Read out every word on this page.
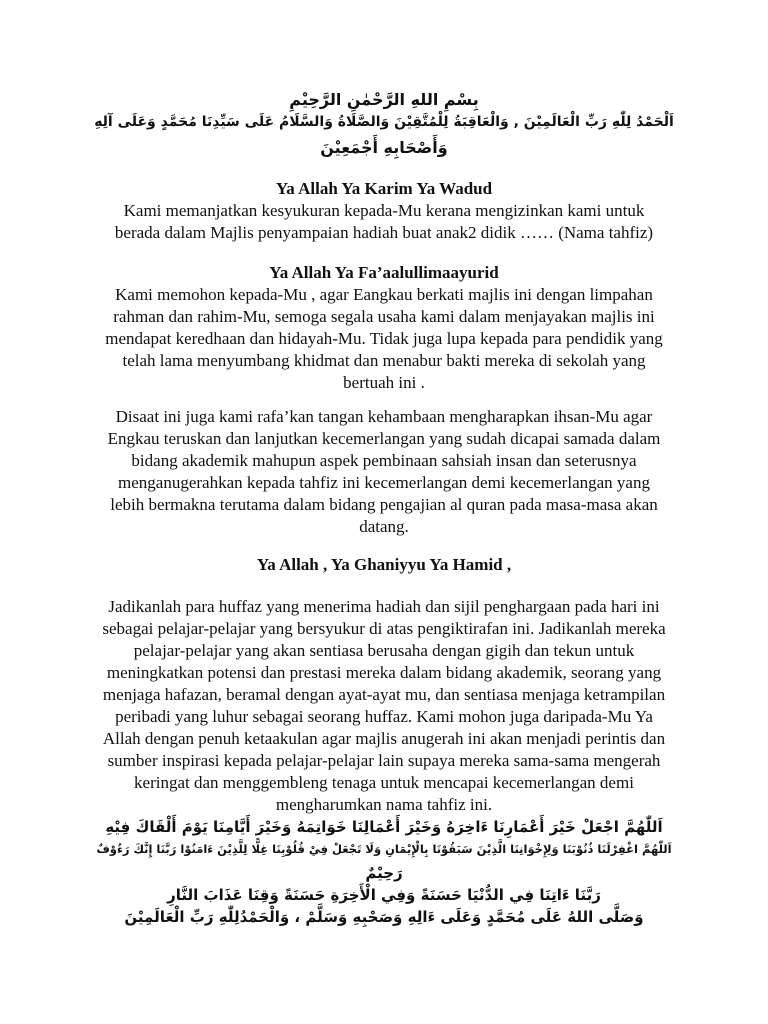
بِسْمِ اللهِ الرَّحْمٰنِ الرَّحِيْمِ
اَلْحَمْدُ لِلّٰهِ رَبِّ الْعَالَمِيْنَ , وَالْعَاقِبَةُ لِلْمُتَّقِيْنَ وَالصَّلَاةُ وَالسَّلَامُ عَلَى سَيِّدِنَا مُحَمَّدٍ وَعَلَى آلِهِ
وَأَصْحَابِهِ أَجْمَعِيْنَ
Ya Allah Ya Karim Ya Wadud
Kami memanjatkan kesyukuran kepada-Mu kerana mengizinkan kami untuk berada dalam Majlis penyampaian hadiah buat anak2 didik …… (Nama tahfiz)
Ya Allah Ya Fa’aalullimaayurid
Kami memohon kepada-Mu , agar Eangkau berkati majlis ini dengan limpahan rahman dan rahim-Mu, semoga segala usaha kami dalam menjayakan majlis ini mendapat keredhaan dan hidayah-Mu. Tidak juga lupa kepada para pendidik yang telah lama menyumbang khidmat dan menabur bakti mereka di sekolah yang bertuah ini .
Disaat ini juga kami rafa’kan tangan kehambaan mengharapkan ihsan-Mu agar Engkau teruskan dan lanjutkan kecemerlangan yang sudah dicapai samada dalam bidang akademik mahupun aspek pembinaan sahsiah insan dan seterusnya menganugerahkan kepada tahfiz ini kecemerlangan demi kecemerlangan yang lebih bermakna terutama dalam bidang pengajian al quran pada masa-masa akan datang.
Ya Allah , Ya Ghaniyyu Ya Hamid ,
Jadikanlah para huffaz yang menerima hadiah dan sijil penghargaan pada hari ini sebagai pelajar-pelajar yang bersyukur di atas pengiktirafan ini. Jadikanlah mereka pelajar-pelajar yang akan sentiasa berusaha dengan gigih dan tekun untuk meningkatkan potensi dan prestasi mereka dalam bidang akademik, seorang yang menjaga hafazan, beramal dengan ayat-ayat mu, dan sentiasa menjaga ketrampilan peribadi yang luhur sebagai seorang huffaz. Kami mohon juga daripada-Mu Ya Allah dengan penuh ketaakulan agar majlis anugerah ini akan menjadi perintis dan sumber inspirasi kepada pelajar-pelajar lain supaya mereka sama-sama mengerah keringat dan menggembleng tenaga untuk mencapai kecemerlangan demi mengharumkan nama tahfiz ini.
اَللّٰهُمَّ اجْعَلْ خَيْرَ أَعْمَارِنَا ءَاخِرَهُ وَخَيْرَ أَعْمَالِنَا خَوَاتِمَهُ وَخَيْرَ أَيَّامِنَا يَوْمَ أَلْقَاكَ فِيْهِ
اَللّٰهُمَّ اغْفِرْلَنَا ذُنُوْبَنَا وَلِإِخْوَانِنَا الَّذِيْنَ سَبَقُوْنَا بِالْإِيْمَانِ وَلَا تَجْعَلْ فِيْ قُلُوْبِنَا غِلًّا لِلَّذِيْنَ ءَامَنُوْا رَبَّنَا إِنَّكَ رَءُوْفٌ
رَحِيْمٌ
رَبَّنَا ءَاتِنَا فِي الدُّنْيَا حَسَنَةً وَفِي الْأَخِرَةِ حَسَنَةً وَقِنَا عَذَابَ النَّارِ
وَصَلَّى اللهُ عَلَى مُحَمَّدٍ وَعَلَى ءَالِهِ وَصَحْبِهِ وَسَلَّمْ ، وَالْحَمْدُلِلّٰهِ رَبِّ الْعَالَمِيْنَ
